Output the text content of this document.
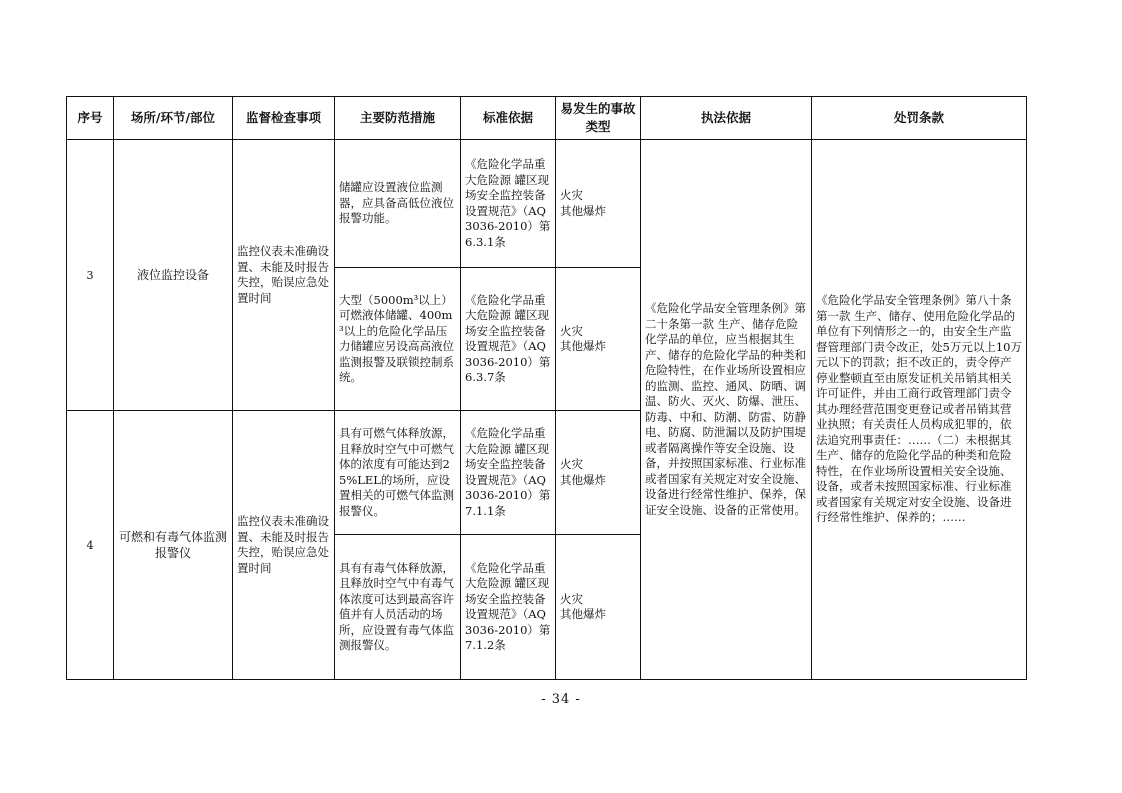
序号	场所/环节/部位	监督检查事项	主要防范措施	标准依据	易发生的事故类型	执法依据	处罚条款
3	液位监控设备	监控仪表未准确设置、未能及时报告失控，贻误应急处置时间	储罐应设置液位监测器，应具备高低位液位报警功能。	《危险化学品重大危险源 罐区现场安全监控装备设置规范》（AQ 3036-2010）第6.3.1条	火灾
其他爆炸	《危险化学品安全管理条例》第二十条第一款 生产、储存危险化学品的单位，应当根据其生产、储存的危险化学品的种类和危险特性，在作业场所设置相应的监测、监控、通风、防晒、调温、防火、灭火、防爆、泄压、防毒、中和、防潮、防雷、防静电、防腐、防泄漏以及防护围堤或者隔离操作等安全设施、设备，并按照国家标准、行业标准或者国家有关规定对安全设施、设备进行经常性维护、保养，保证安全设施、设备的正常使用。	《危险化学品安全管理条例》第八十条第一款 生产、储存、使用危险化学品的单位有下列情形之一的，由安全生产监督管理部门责令改正，处5万元以上10万元以下的罚款；拒不改正的，责令停产停业整顿直至由原发证机关吊销其相关许可证件，并由工商行政管理部门责令其办理经营范围变更登记或者吊销其营业执照；有关责任人员构成犯罪的，依法追究刑事责任：……（二）未根据其生产、储存的危险化学品的种类和危险特性，在作业场所设置相关安全设施、设备，或者未按照国家标准、行业标准或者国家有关规定对安全设施、设备进行经常性维护、保养的；……
			大型（5000m³以上）可燃液体储罐、400m³以上的危险化学品压力储罐应另设高高液位监测报警及联锁控制系统。	《危险化学品重大危险源 罐区现场安全监控装备设置规范》（AQ 3036-2010）第6.3.7条	火灾
其他爆炸		
4	可燃和有毒气体监测报警仪	监控仪表未准确设置、未能及时报告失控，贻误应急处置时间	具有可燃气体释放源，且释放时空气中可燃气体的浓度有可能达到25%LEL的场所，应设置相关的可燃气体监测报警仪。	《危险化学品重大危险源 罐区现场安全监控装备设置规范》（AQ 3036-2010）第7.1.1条	火灾
其他爆炸		
			具有有毒气体释放源，且释放时空气中有毒气体浓度可达到最高容许值并有人员活动的场所，应设置有毒气体监测报警仪。	《危险化学品重大危险源 罐区现场安全监控装备设置规范》（AQ 3036-2010）第7.1.2条	火灾
其他爆炸		
- 34 -
